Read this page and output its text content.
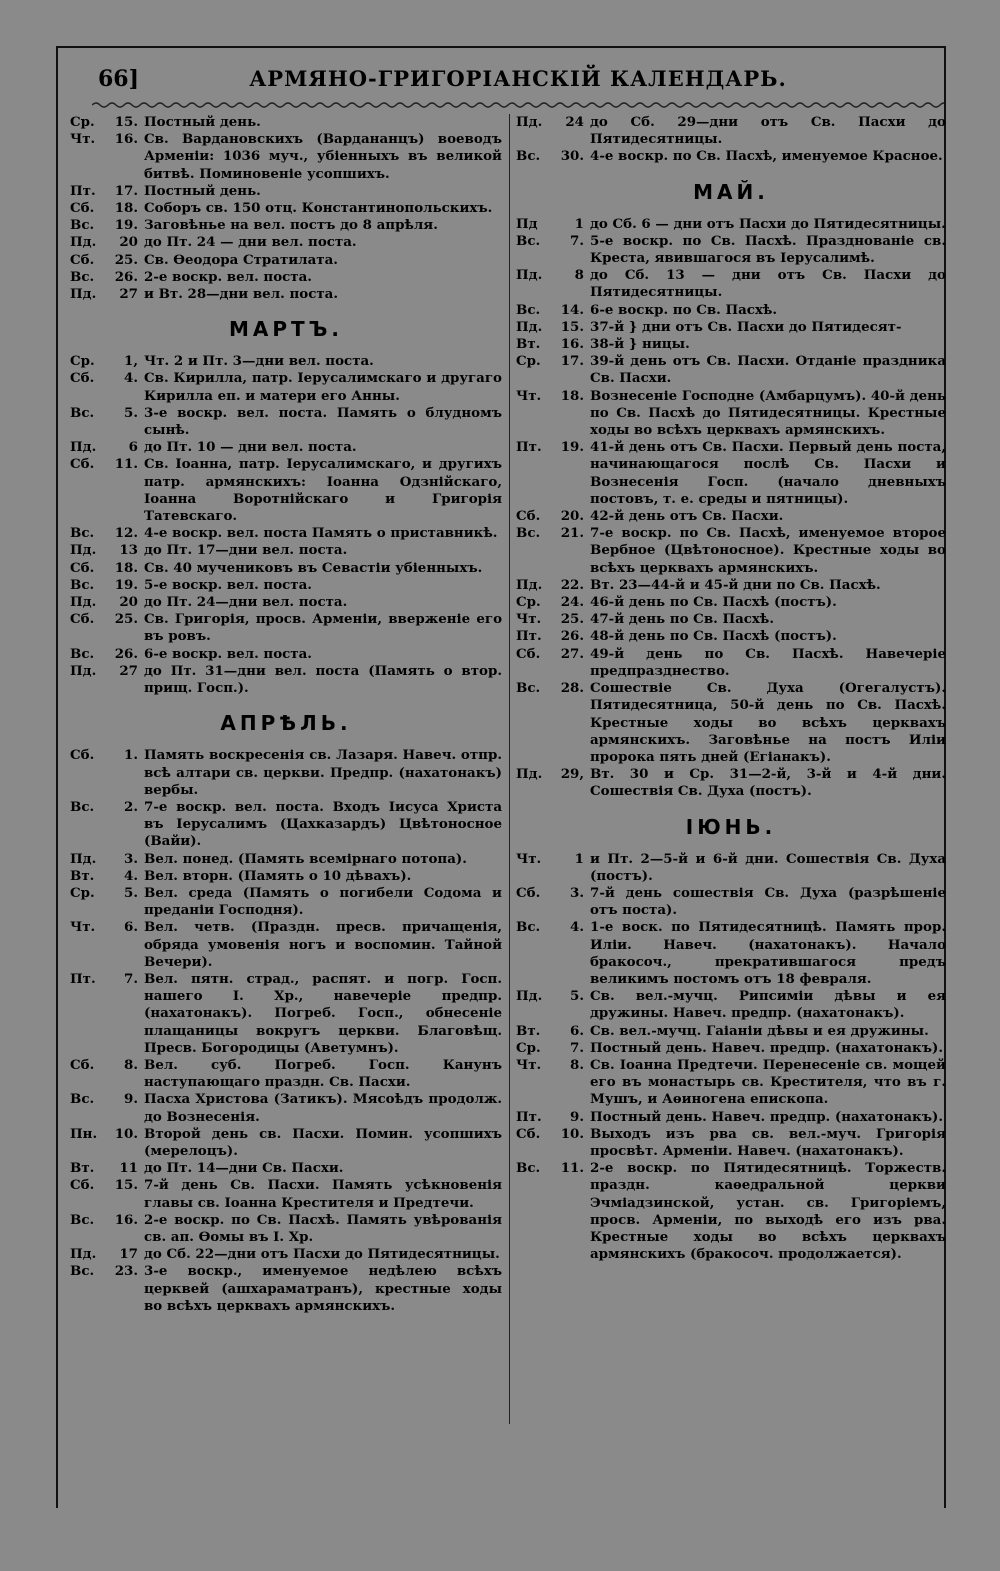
66]	АРМЯНО-ГРИГОРІАНСКІЙ КАЛЕНДАРЬ.
Ср.	15. Постный день.
Чт.	16. Св. Вардановскихъ (Вардананцъ) воеводъ Арменіи: 1036 муч., убіенныхъ въ великой битвѣ. Поминовеніе усопшихъ.
Пт.	17. Постный день.
Сб.	18. Соборъ св. 150 отц. Константинопольскихъ.
Вс.	19. Заговѣнье на вел. постъ до 8 апрѣля.
Пд.	20 до Пт. 24 — дни вел. поста.
Сб.	25. Св. Ѳеодора Стратилата.
Вс.	26. 2-е воскр. вел. поста.
Пд.	27 и Вт. 28—дни вел. поста.
МАРТЪ.
Ср.	1, Чт. 2 и Пт. 3—дни вел. поста.
Сб.	4. Св. Кирилла, патр. Іерусалимскаго и другаго Кирилла еп. и матери его Анны.
Вс.	5. 3-е воскр. вел. поста. Память о блудномъ сынѣ.
Пд.	6 до Пт. 10 — дни вел. поста.
Сб.	11. Св. Іоанна, патр. Іерусалимскаго, и другихъ патр. армянскихъ: Іоанна Одзнійскаго, Іоанна Воротнійскаго и Григорія Татевскаго.
Вс.	12. 4-е воскр. вел. поста Память о приставникѣ.
Пд.	13 до Пт. 17—дни вел. поста.
Сб.	18. Св. 40 мучениковъ въ Севастіи убіенныхъ.
Вс.	19. 5-е воскр. вел. поста.
Пд.	20 до Пт. 24—дни вел. поста.
Сб.	25. Св. Григорія, просв. Арменіи, вверженіе его въ ровъ.
Вс.	26. 6-е воскр. вел. поста.
Пд.	27 до Пт. 31—дни вел. поста (Память о втор. прищ. Госп.).
АПРѢЛЬ.
Сб.	1. Память воскресенія св. Лазаря. Навеч. отпр. всѣ алтари св. церкви. Предпр. (нахатонакъ) вербы.
Вс.	2. 7-е воскр. вел. поста. Входъ Іисуса Христа въ Іерусалимъ (Цахказардъ) Цвѣтоносное (Вайи).
Пд.	3. Вел. понед. (Память всемірнаго потопа).
Вт.	4. Вел. вторн. (Память о 10 дѣвахъ).
Ср.	5. Вел. среда (Память о погибели Содома и преданіи Господня).
Чт.	6. Вел. четв. (Праздн. пресв. причащенія, обряда умовенія ногъ и воспомин. Тайной Вечери).
Пт.	7. Вел. пятн. страд., распят. и погр. Госп. нашего І. Хр., навечеріе предпр. (нахатонакъ). Погреб. Госп., обнесеніе плащаницы вокругъ церкви. Благовѣщ. Пресв. Богородицы (Аветумнъ).
Сб.	8. Вел. суб. Погреб. Госп. Канунъ наступающаго праздн. Св. Пасхи.
Вс.	9. Пасха Христова (Затикъ). Мясоѣдъ продолж. до Вознесенія.
Пн.	10. Второй день св. Пасхи. Помин. усопшихъ (мерелоцъ).
Вт.	11 до Пт. 14—дни Св. Пасхи.
Сб.	15. 7-й день Св. Пасхи. Память усѣкновенія главы св. Іоанна Крестителя и Предтечи.
Вс.	16. 2-е воскр. по Св. Пасхѣ. Память увѣрованія св. ап. Ѳомы въ І. Хр.
Пд.	17 до Сб. 22—дни отъ Пасхи до Пятидесятницы.
Вс.	23. 3-е воскр., именуемое недѣлею всѣхъ церквей (ашхараматранъ), крестные ходы во всѣхъ церквахъ армянскихъ.
Пд.	24 до Сб. 29—дни отъ Св. Пасхи до Пятидесятницы.
Вс.	30. 4-е воскр. по Св. Пасхѣ, именуемое Красное.
МАЙ.
Пд	1 до Сб. 6 — дни отъ Пасхи до Пятидесятницы.
Вс.	7. 5-е воскр. по Св. Пасхѣ. Празднованіе св. Креста, явившагося въ Іерусалимѣ.
Пд.	8 до Сб. 13 — дни отъ Св. Пасхи до Пятидесятницы.
Вс.	14. 6-е воскр. по Св. Пасхѣ.
Пд.	15. 37-й } дни отъ Св. Пасхи до Пятидесят-
Вт.	16. 38-й } ницы.
Ср.	17. 39-й день отъ Св. Пасхи. Отданіе праздника Св. Пасхи.
Чт.	18. Вознесеніе Господне (Амбарцумъ). 40-й день по Св. Пасхѣ до Пятидесятницы. Крестные ходы во всѣхъ церквахъ армянскихъ.
Пт.	19. 41-й день отъ Св. Пасхи. Первый день поста, начинающагося послѣ Св. Пасхи и Вознесенія Госп. (начало дневныхъ постовъ, т. е. среды и пятницы).
Сб.	20. 42-й день отъ Св. Пасхи.
Вс.	21. 7-е воскр. по Св. Пасхѣ, именуемое второе Вербное (Цвѣтоносное). Крестные ходы во всѣхъ церквахъ армянскихъ.
Пд.	22. Вт. 23—44-й и 45-й дни по Св. Пасхѣ.
Ср.	24. 46-й день по Св. Пасхѣ (постъ).
Чт.	25. 47-й день по Св. Пасхѣ.
Пт.	26. 48-й день по Св. Пасхѣ (постъ).
Сб.	27. 49-й день по Св. Пасхѣ. Навечеріе предпразднество.
Вс.	28. Сошествіе Св. Духа (Огегалустъ). Пятидесятница, 50-й день по Св. Пасхѣ. Крестные ходы во всѣхъ церквахъ армянскихъ. Заговѣнье на постъ Иліи пророка пять дней (Егіанакъ).
Пд.	29, Вт. 30 и Ср. 31—2-й, 3-й и 4-й дни. Сошествія Св. Духа (постъ).
ІЮНЬ.
Чт.	1 и Пт. 2—5-й и 6-й дни. Сошествія Св. Духа (постъ).
Сб.	3. 7-й день сошествія Св. Духа (разрѣшеніе отъ поста).
Вс.	4. 1-е воск. по Пятидесятницѣ. Память прор. Иліи. Навеч. (нахатонакъ). Начало бракосоч., прекратившагося предъ великимъ постомъ отъ 18 февраля.
Пд.	5. Св. вел.-мучц. Рипсиміи дѣвы и ея дружины. Навеч. предпр. (нахатонакъ).
Вт.	6. Св. вел.-мучц. Гаіаніи дѣвы и ея дружины.
Ср.	7. Постный день. Навеч. предпр. (нахатонакъ).
Чт.	8. Св. Іоанна Предтечи. Перенесеніе св. мощей его въ монастырь св. Крестителя, что въ г. Мушъ, и Аѳиногена епископа.
Пт.	9. Постный день. Навеч. предпр. (нахатонакъ).
Сб.	10. Выходъ изъ рва св. вел.-муч. Григорія просвѣт. Арменіи. Навеч. (нахатонакъ).
Вс.	11. 2-е воскр. по Пятидесятницѣ. Торжеств. праздн. каѳедральной церкви Эчміадзинской, устан. св. Григоріемъ, просв. Арменіи, по выходѣ его изъ рва. Крестные ходы во всѣхъ церквахъ армянскихъ (бракосоч. продолжается).
